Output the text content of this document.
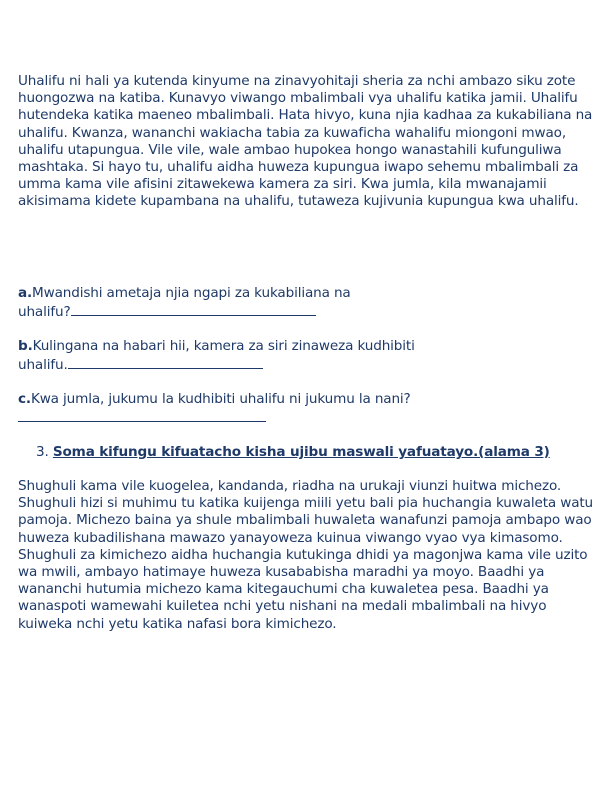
Uhalifu ni hali ya kutenda kinyume na zinavyohitaji sheria za nchi ambazo siku zote huongozwa na katiba. Kunavyo viwango mbalimbali vya uhalifu katika jamii. Uhalifu hutendeka katika maeneo mbalimbali. Hata hivyo, kuna njia kadhaa za kukabiliana na uhalifu. Kwanza, wananchi wakiacha tabia za kuwaficha wahalifu miongoni mwao, uhalifu utapungua. Vile vile, wale ambao hupokea hongo wanastahili kufunguliwa mashtaka. Si hayo tu, uhalifu aidha huweza kupungua iwapo sehemu mbalimbali za umma kama vile afisini zitawekewa kamera za siri. Kwa jumla, kila mwanajamii akisimama kidete kupambana na uhalifu, tutaweza kujivunia kupungua kwa uhalifu.

a.Mwandishi ametaja njia ngapi za kukabiliana na
uhalifu?
b.Kulingana na habari hii, kamera za siri zinaweza kudhibiti
uhalifu.
c.Kwa jumla, jukumu la kudhibiti uhalifu ni jukumu la nani?

3. Soma kifungu kifuatacho kisha ujibu maswali yafuatayo.(alama 3)

Shughuli kama vile kuogelea, kandanda, riadha na urukaji viunzi huitwa michezo. Shughuli hizi si muhimu tu katika kuijenga miili yetu bali pia huchangia kuwaleta watu pamoja. Michezo baina ya shule mbalimbali huwaleta wanafunzi pamoja ambapo wao huweza kubadilishana mawazo yanayoweza kuinua viwango vyao vya kimasomo. Shughuli za kimichezo aidha huchangia kutukinga dhidi ya magonjwa kama vile uzito wa mwili, ambayo hatimaye huweza kusababisha maradhi ya moyo. Baadhi ya wananchi hutumia michezo kama kitegauchumi cha kuwaletea pesa. Baadhi ya wanaspoti wamewahi kuiletea nchi yetu nishani na medali mbalimbali na hivyo kuiweka nchi yetu katika nafasi bora kimichezo.
